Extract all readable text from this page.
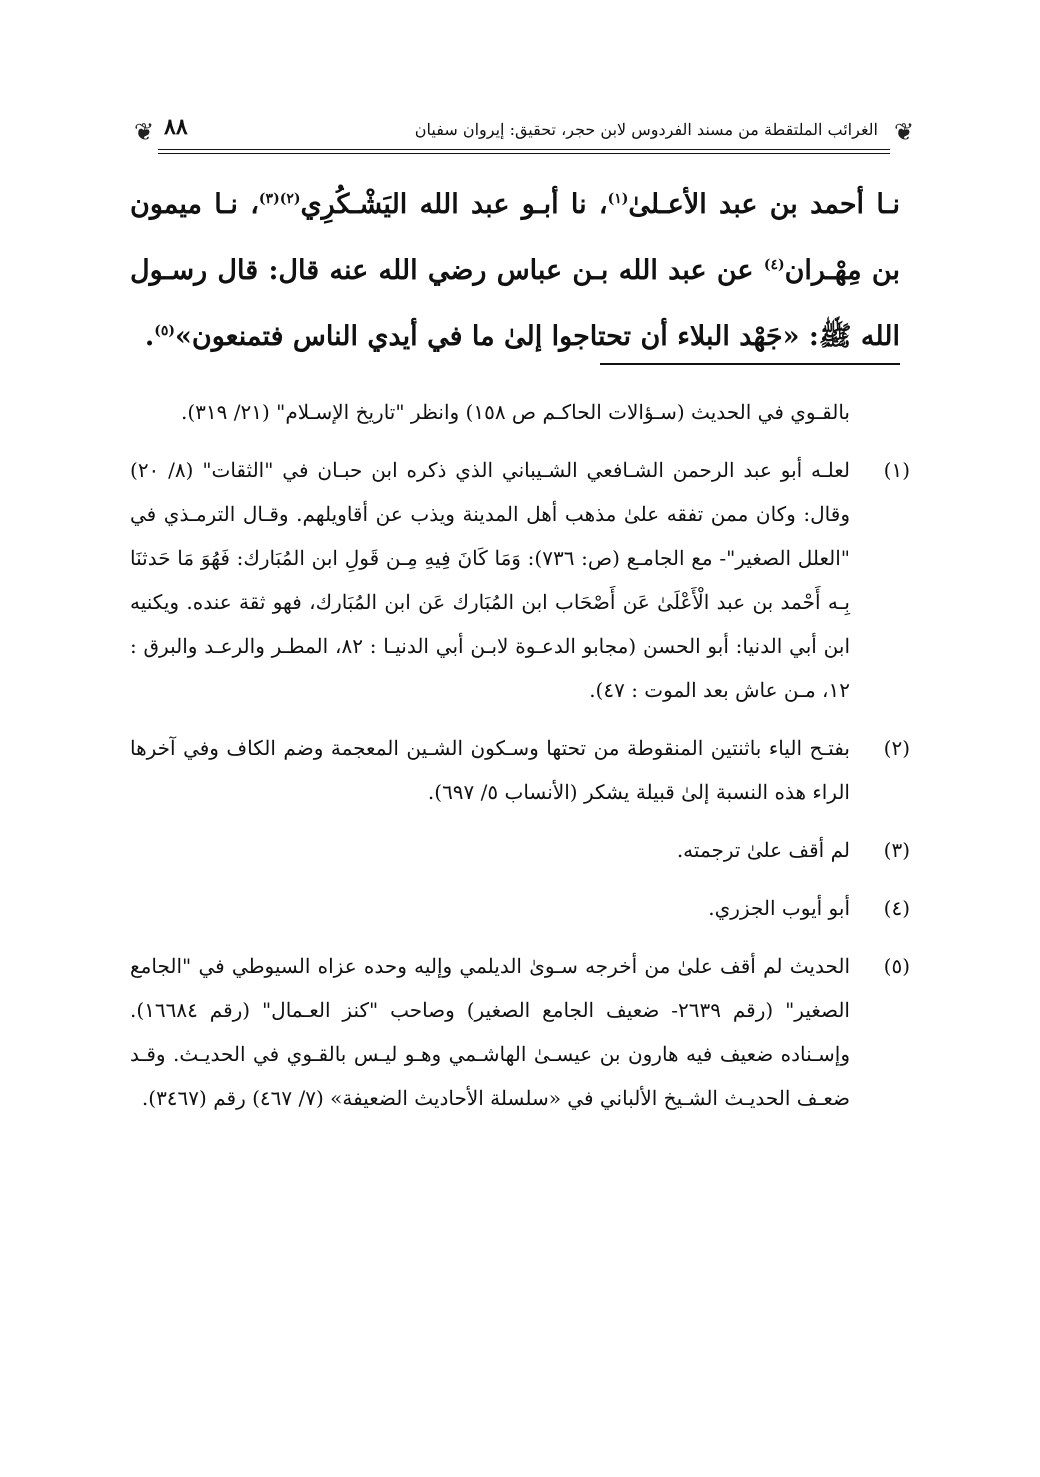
❦ ٨٨	الغرائب الملتقطة من مسند الفردوس لابن حجر، تحقيق: إيروان سفيان ❦

نـا أحمد بن عبد الأعـلىٰ$^{(١)}$، نا أبـو عبد الله اليَشْـكُرِي$^{(٢)(٣)}$، نـا ميمون بن مِهْـران$^{(٤)}$ عن عبد الله بـن عباس رضي الله عنه قال: قال رسـول الله ﷺ: «جَهْد البلاء أن تحتاجوا إلىٰ ما في أيدي الناس فتمنعون»$^{(٥)}$.

بالقـوي في الحديث (سـؤالات الحاكـم ص ١٥٨) وانظر "تاريخ الإسـلام" (٢١/ ٣١٩).

(١)
لعلـه أبو عبد الرحمن الشـافعي الشـيباني الذي ذكره ابن حبـان في "الثقات" (٨/ ٢٠) وقال: وكان ممن تفقه علىٰ مذهب أهل المدينة ويذب عن أقاويلهم. وقـال الترمـذي في "العلل الصغير"- مع الجامـع (ص: ٧٣٦): وَمَا كَانَ فِيهِ مِـن قَولِ ابن المُبَارك: فَهُوَ مَا حَدثنَا بِـه أَحْمد بن عبد الْأَعْلَىٰ عَن أَصْحَاب ابن المُبَارك عَن ابن المُبَارك، فهو ثقة عنده. ويكنيه ابن أبي الدنيا: أبو الحسن (مجابو الدعـوة لابـن أبي الدنيـا : ٨٢، المطـر والرعـد والبرق : ١٢، مـن عاش بعد الموت : ٤٧).
(٢)
بفتـح الياء باثنتين المنقوطة من تحتها وسـكون الشـين المعجمة وضم الكاف وفي آخرها الراء هذه النسبة إلىٰ قبيلة يشكر (الأنساب ٥/ ٦٩٧).
(٣)
لم أقف علىٰ ترجمته.
(٤)
أبو أيوب الجزري.
(٥)
الحديث لم أقف علىٰ من أخرجه سـوىٰ الديلمي وإليه وحده عزاه السيوطي في "الجامع الصغير" (رقم ٢٦٣٩- ضعيف الجامع الصغير) وصاحب "كنز العـمال" (رقم ١٦٦٨٤). وإسـناده ضعيف فيه هارون بن عيسـىٰ الهاشـمي وهـو ليـس بالقـوي في الحديـث. وقـد ضعـف الحديـث الشـيخ الألباني في «سلسلة الأحاديث الضعيفة» (٧/ ٤٦٧) رقم (٣٤٦٧).
